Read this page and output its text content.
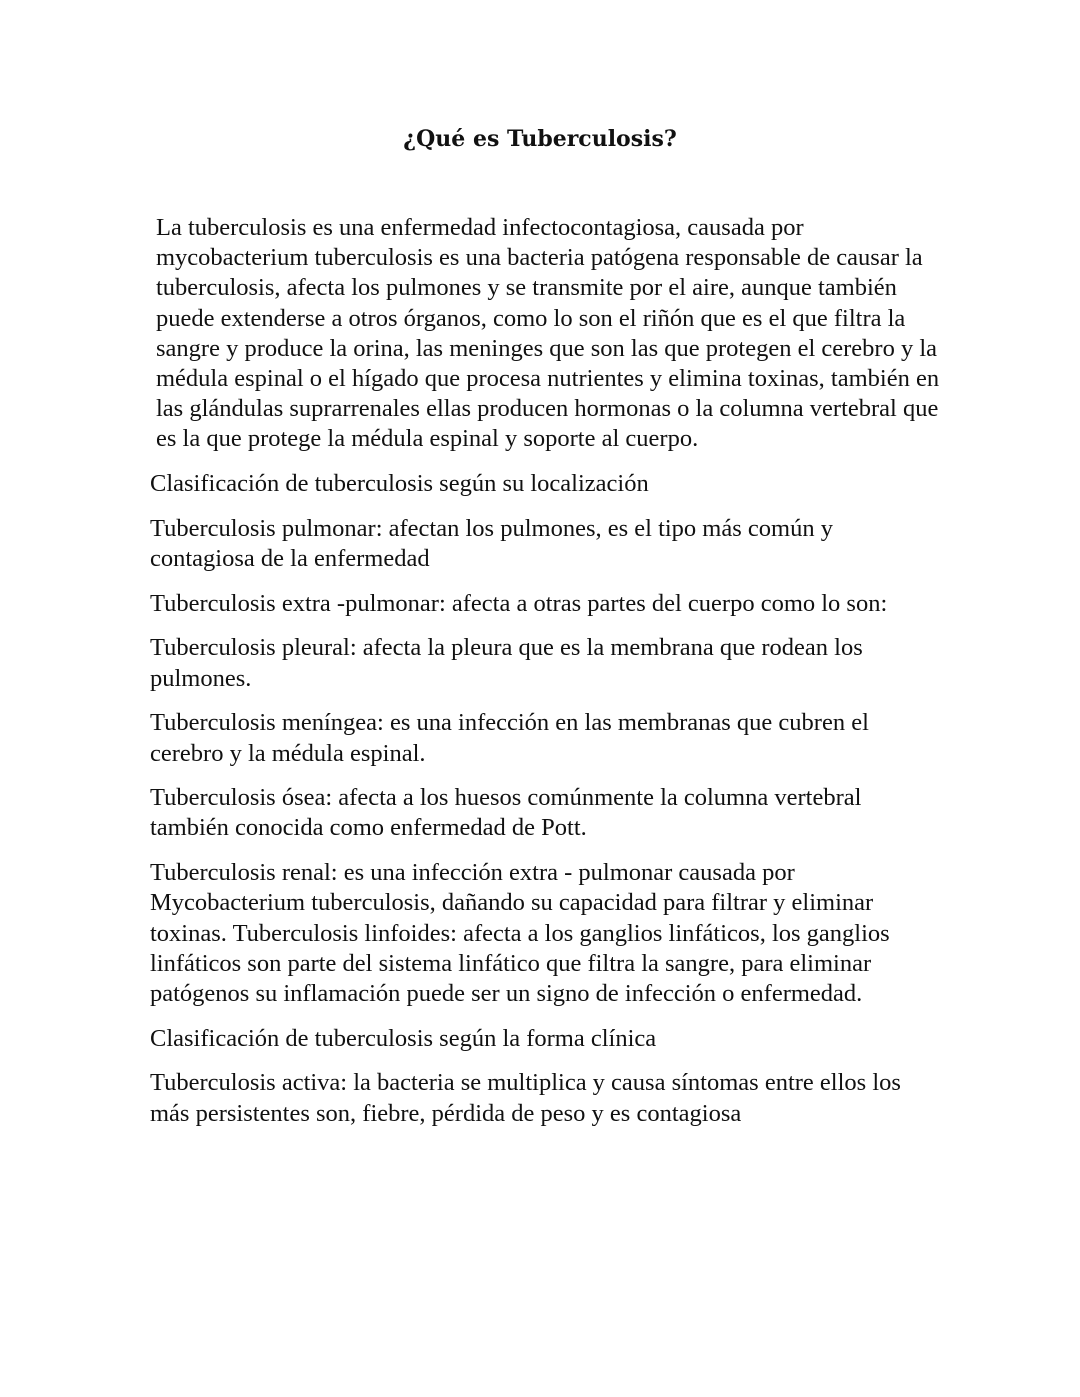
¿Qué es Tuberculosis?

La tuberculosis es una enfermedad infectocontagiosa, causada por mycobacterium tuberculosis es una bacteria patógena responsable de causar la tuberculosis, afecta los pulmones y se transmite por el aire, aunque también puede extenderse a otros órganos, como lo son el riñón que es el que filtra la sangre y produce la orina, las meninges que son las que protegen el cerebro y la médula espinal o el hígado que procesa nutrientes y elimina toxinas, también en las glándulas suprarrenales ellas producen hormonas o la columna vertebral que es la que protege la médula espinal y soporte al cuerpo.

Clasificación de tuberculosis según su localización

Tuberculosis pulmonar: afectan los pulmones, es el tipo más común y contagiosa de la enfermedad

Tuberculosis extra -pulmonar: afecta a otras partes del cuerpo como lo son:

Tuberculosis pleural: afecta la pleura que es la membrana que rodean los pulmones.

Tuberculosis meníngea: es una infección en las membranas que cubren el cerebro y la médula espinal.

Tuberculosis ósea: afecta a los huesos comúnmente la columna vertebral también conocida como enfermedad de Pott.

Tuberculosis renal: es una infección extra - pulmonar causada por Mycobacterium tuberculosis, dañando su capacidad para filtrar y eliminar toxinas. Tuberculosis linfoides: afecta a los ganglios linfáticos, los ganglios linfáticos son parte del sistema linfático que filtra la sangre, para eliminar patógenos su inflamación puede ser un signo de infección o enfermedad.

Clasificación de tuberculosis según la forma clínica

Tuberculosis activa: la bacteria se multiplica y causa síntomas entre ellos los más persistentes son, fiebre, pérdida de peso y es contagiosa
